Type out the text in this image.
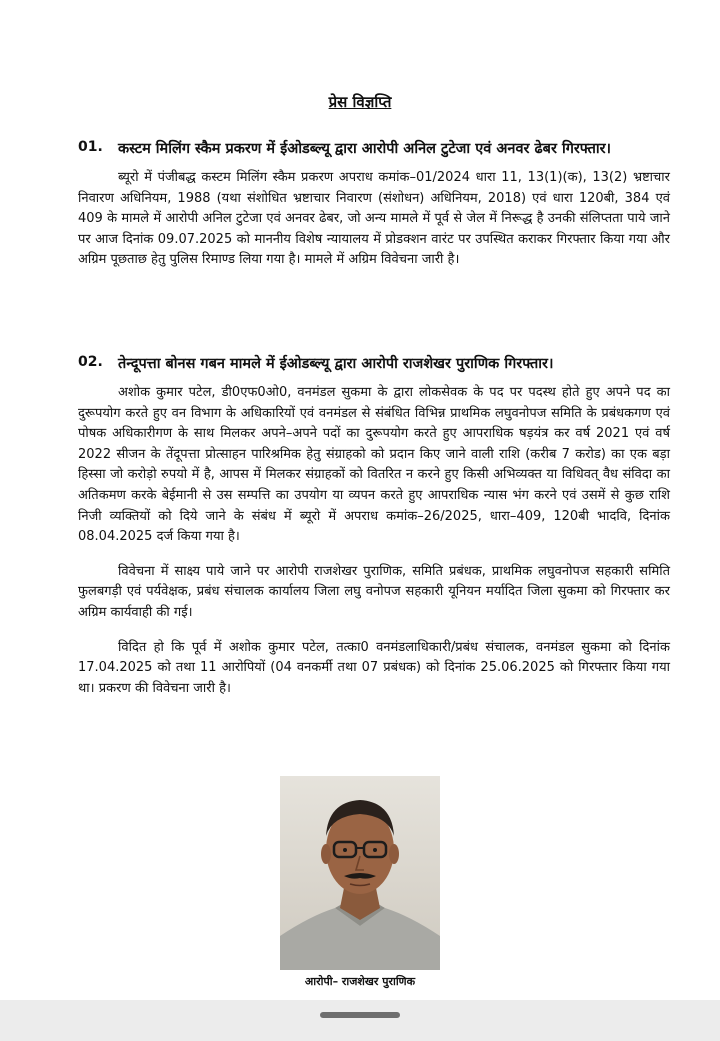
प्रेस विज्ञप्ति
01. कस्टम मिलिंग स्कैम प्रकरण में ईओडब्ल्यू द्वारा आरोपी अनिल टुटेजा एवं अनवर ढेबर गिरफ्तार।

ब्यूरो में पंजीबद्ध कस्टम मिलिंग स्कैम प्रकरण अपराध कमांक–01/2024 धारा 11, 13(1)(क), 13(2) भ्रष्टाचार निवारण अधिनियम, 1988 (यथा संशोधित भ्रष्टाचार निवारण (संशोधन) अधिनियम, 2018) एवं धारा 120बी, 384 एवं 409 के मामले में आरोपी अनिल टुटेजा एवं अनवर ढेबर, जो अन्य मामले में पूर्व से जेल में निरूद्ध है उनकी संलिप्तता पाये जाने पर आज दिनांक 09.07.2025 को माननीय विशेष न्यायालय में प्रोडक्शन वारंट पर उपस्थित कराकर गिरफ्तार किया गया और अग्रिम पूछताछ हेतु पुलिस रिमाण्ड लिया गया है। मामले में अग्रिम विवेचना जारी है।

02. तेन्दूपत्ता बोनस गबन मामले में ईओडब्ल्यू द्वारा आरोपी राजशेखर पुराणिक गिरफ्तार।

अशोक कुमार पटेल, डी0एफ0ओ0, वनमंडल सुकमा के द्वारा लोकसेवक के पद पर पदस्थ होते हुए अपने पद का दुरूपयोग करते हुए वन विभाग के अधिकारियों एवं वनमंडल से संबंधित विभिन्न प्राथमिक लघुवनोपज समिति के प्रबंधकगण एवं पोषक अधिकारीगण के साथ मिलकर अपने–अपने पदों का दुरूपयोग करते हुए आपराधिक षड़यंत्र कर वर्ष 2021 एवं वर्ष 2022 सीजन के तेंदूपत्ता प्रोत्साहन पारिश्रमिक हेतु संग्राहको को प्रदान किए जाने वाली राशि (करीब 7 करोड) का एक बड़ा हिस्सा जो करोड़ो रुपयो में है, आपस में मिलकर संग्राहकों को वितरित न करने हुए किसी अभिव्यक्त या विधिवत् वैध संविदा का अतिकमण करके बेईमानी से उस सम्पत्ति का उपयोग या व्यपन करते हुए आपराधिक न्यास भंग करने एवं उसमें से कुछ राशि निजी व्यक्तियों को दिये जाने के संबंध में ब्यूरो में अपराध कमांक–26/2025, धारा–409, 120बी भादवि, दिनांक 08.04.2025 दर्ज किया गया है।

विवेचना में साक्ष्य पाये जाने पर आरोपी राजशेखर पुराणिक, समिति प्रबंधक, प्राथमिक लघुवनोपज सहकारी समिति फुलबगड़ी एवं पर्यवेक्षक, प्रबंध संचालक कार्यालय जिला लघु वनोपज सहकारी यूनियन मर्यादित जिला सुकमा को गिरफ्तार कर अग्रिम कार्यवाही की गई।

विदित हो कि पूर्व में अशोक कुमार पटेल, तत्का0 वनमंडलाधिकारी/प्रबंध संचालक, वनमंडल सुकमा को दिनांक 17.04.2025 को तथा 11 आरोपियों (04 वनकर्मी तथा 07 प्रबंधक) को दिनांक 25.06.2025 को गिरफ्तार किया गया था। प्रकरण की विवेचना जारी है।

आरोपी– राजशेखर पुराणिक
